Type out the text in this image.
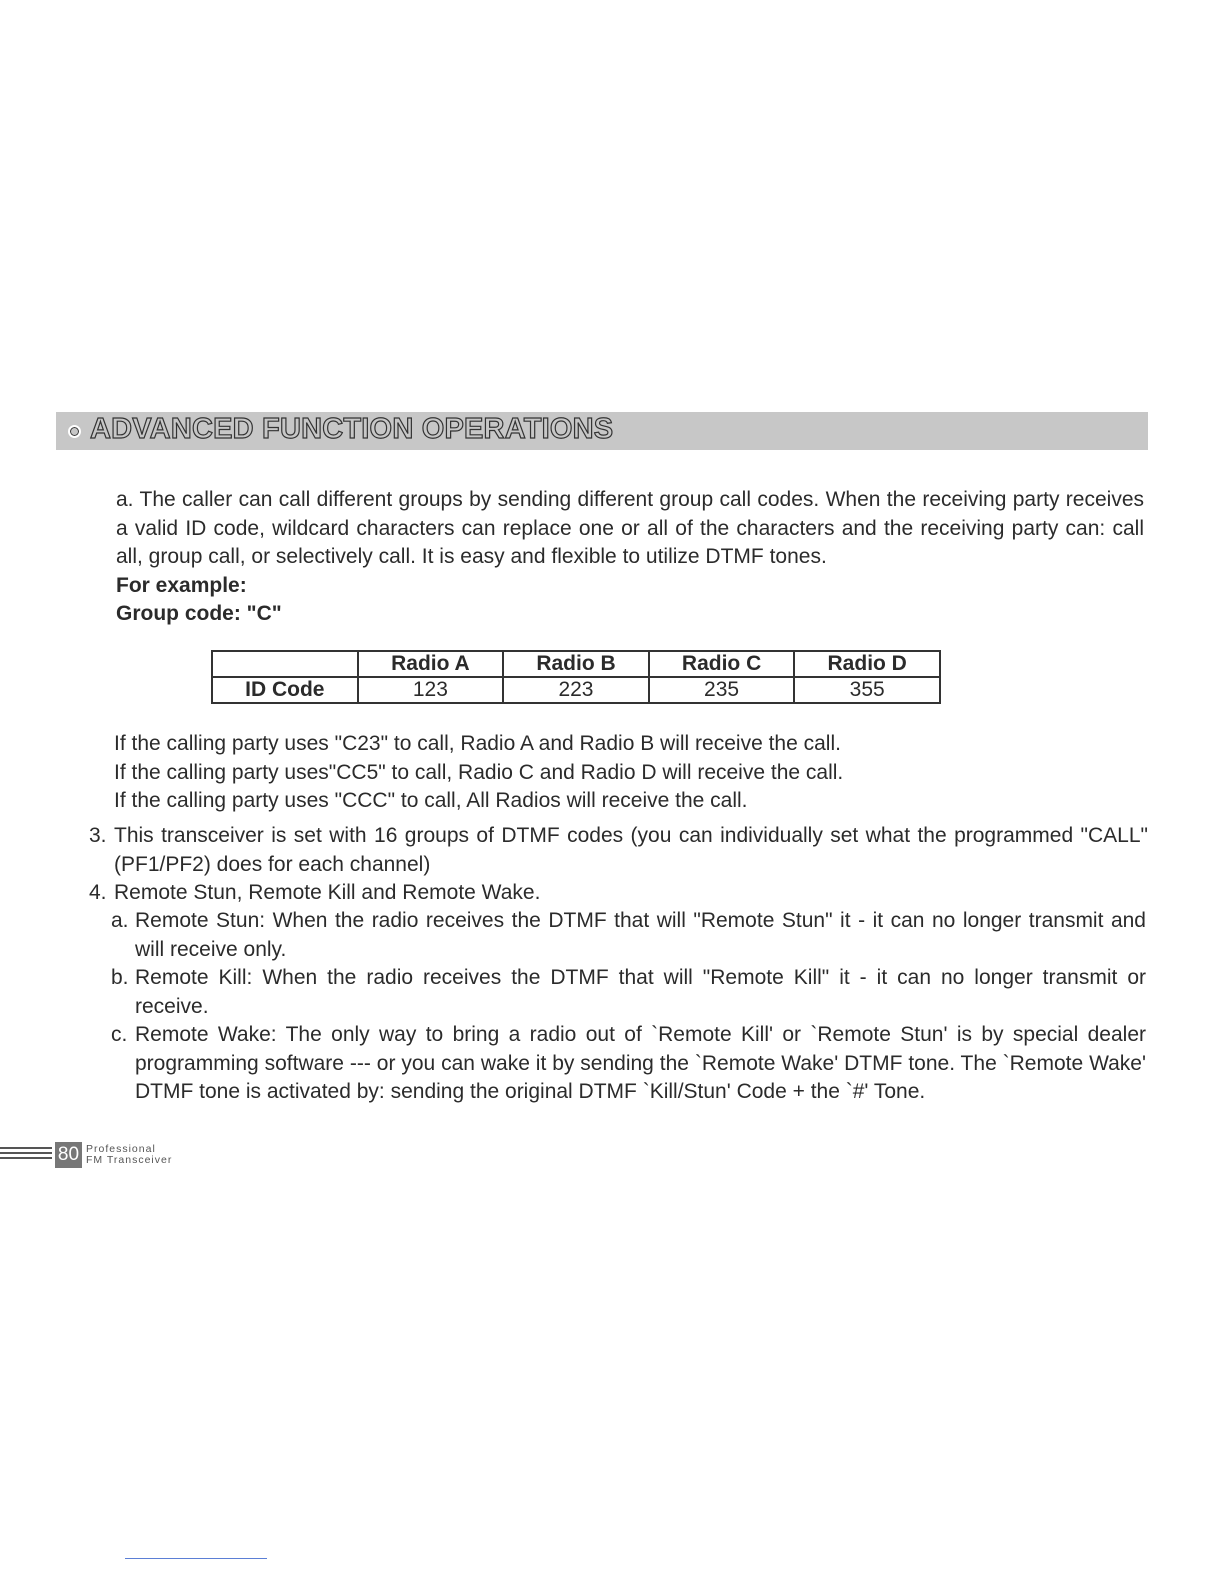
ADVANCED FUNCTION OPERATIONS
a. The caller can call different groups by sending different group call codes. When the receiving party receives a valid ID code, wildcard characters can replace one or all of the characters and the receiving party can: call all, group call, or selectively call. It is easy and flexible to utilize DTMF tones.
For example:
Group code: "C"
	Radio A	Radio B	Radio C	Radio D
ID Code	123	223	235	355
If the calling party uses "C23" to call, Radio A and Radio B will receive the call.
If the calling party uses"CC5" to call, Radio C and Radio D will receive the call.
If the calling party uses "CCC" to call, All Radios will receive the call.
3. This transceiver is set with 16 groups of DTMF codes (you can individually set what the programmed "CALL" (PF1/PF2) does for each channel)
4. Remote Stun, Remote Kill and Remote Wake.
a. Remote Stun: When the radio receives the DTMF that will "Remote Stun" it - it can no longer transmit and will receive only.
b. Remote Kill: When the radio receives the DTMF that will "Remote Kill" it - it can no longer transmit or receive.
c. Remote Wake: The only way to bring a radio out of `Remote Kill' or `Remote Stun' is by special dealer programming software --- or you can wake it by sending the `Remote Wake' DTMF tone. The `Remote Wake' DTMF tone is activated by: sending the original DTMF `Kill/Stun' Code + the `#' Tone.
80 Professional
FM Transceiver
